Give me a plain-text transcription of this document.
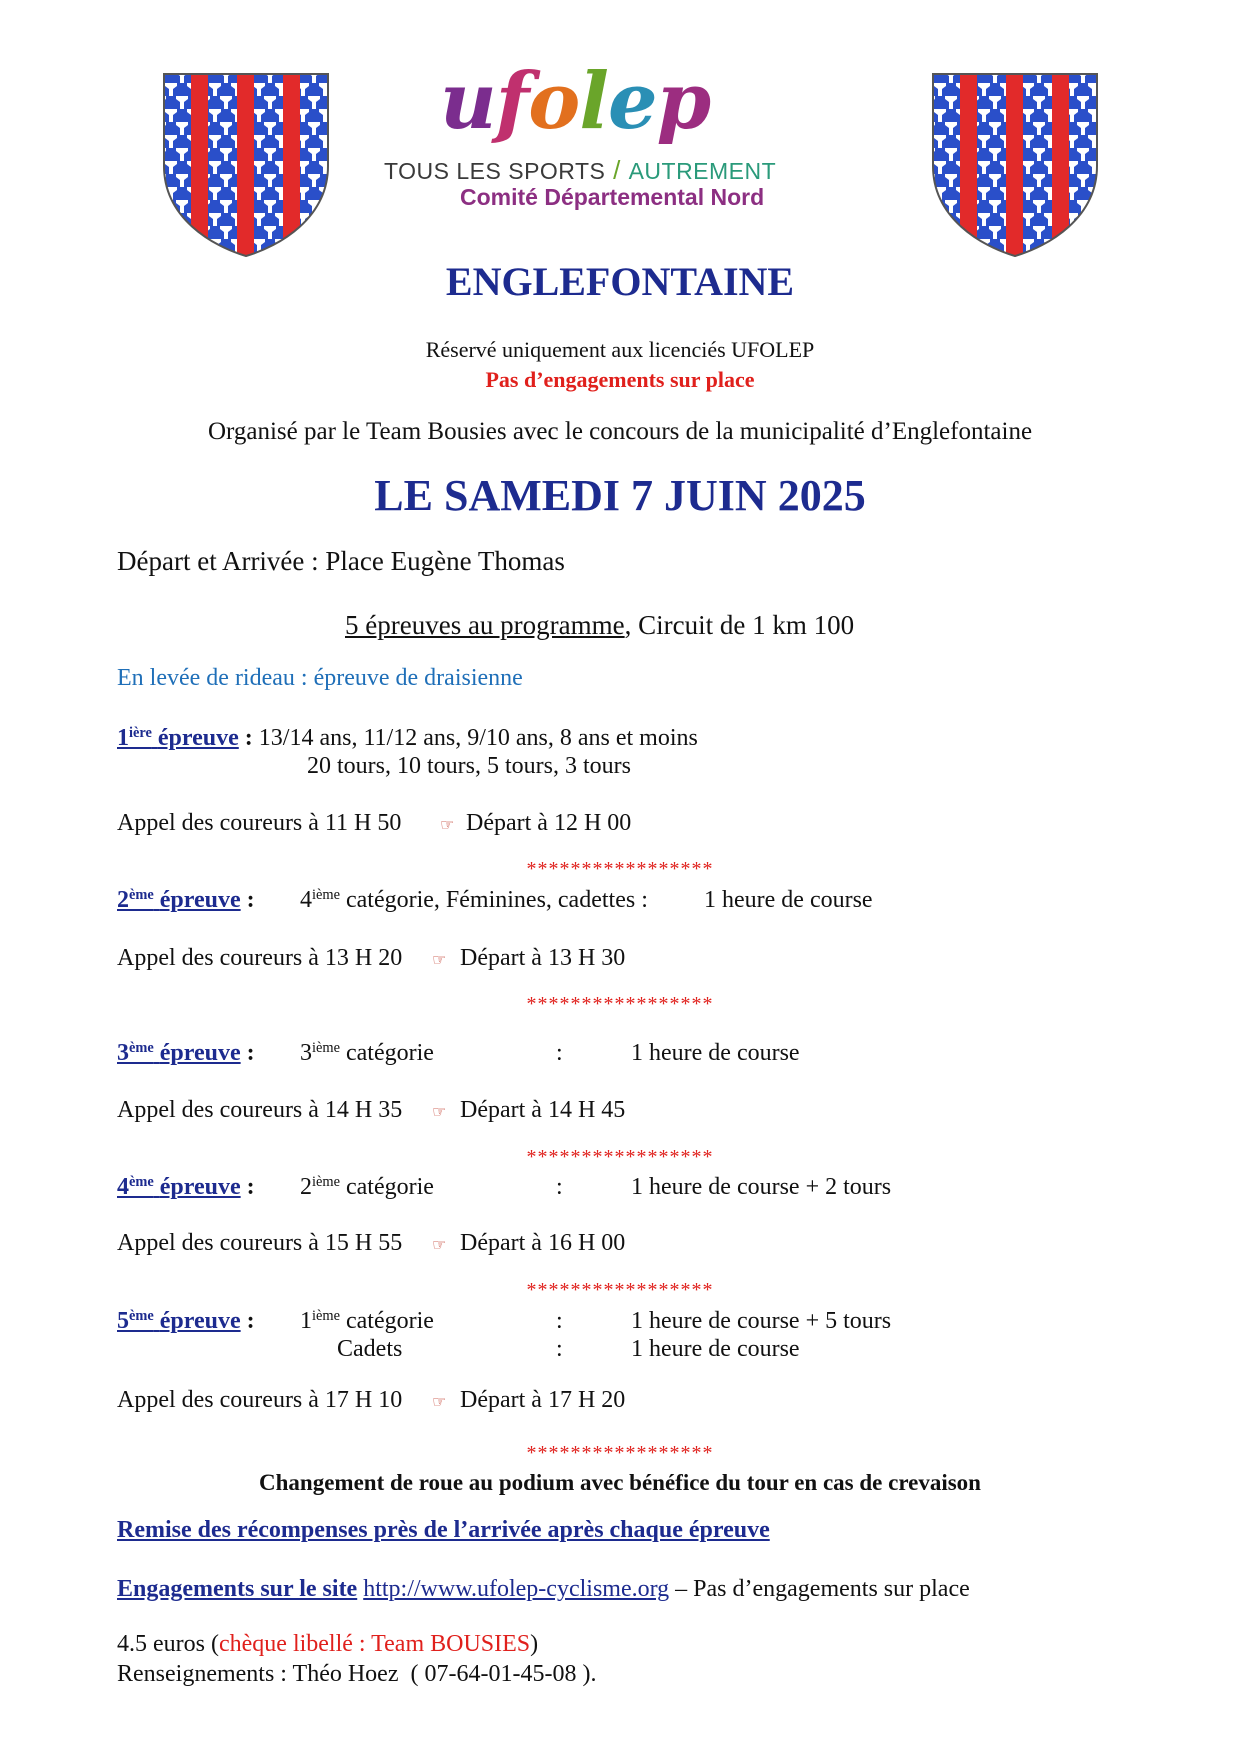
ufolep
TOUS LES SPORTS / AUTREMENT
Comité Départemental Nord
ENGLEFONTAINE
Réservé uniquement aux licenciés UFOLEP
Pas d’engagements sur place
Organisé par le Team Bousies avec le concours de la municipalité d’Englefontaine
LE SAMEDI 7 JUIN 2025
Départ et Arrivée : Place Eugène Thomas
5 épreuves au programme, Circuit de 1 km 100
En levée de rideau : épreuve de draisienne
$1^{ière}$ épreuve : 13/14 ans, 11/12 ans, 9/10 ans, 8 ans et moins
20 tours, 10 tours, 5 tours, 3 tours
Appel des coureurs à 11 H 50 ☞ Départ à 12 H 00
*****************
2ème épreuve : 4ième catégorie, Féminines, cadettes : 1 heure de course
Appel des coureurs à 13 H 20 ☞ Départ à 13 H 30
*****************
3ème épreuve : 3ième catégorie	:	1 heure de course
Appel des coureurs à 14 H 35 ☞ Départ à 14 H 45
*****************
4ème épreuve : 2ième catégorie	:	1 heure de course + 2 tours
Appel des coureurs à 15 H 55 ☞ Départ à 16 H 00
*****************
5ème épreuve : 1ième catégorie	:	1 heure de course + 5 tours
Cadets	:	1 heure de course
Appel des coureurs à 17 H 10 ☞ Départ à 17 H 20
*****************
Changement de roue au podium avec bénéfice du tour en cas de crevaison
Remise des récompenses près de l’arrivée après chaque épreuve
Engagements sur le site http://www.ufolep-cyclisme.org – Pas d’engagements sur place
4.5 euros (chèque libellé : Team BOUSIES)
Renseignements : Théo Hoez  ( 07-64-01-45-08 ).
